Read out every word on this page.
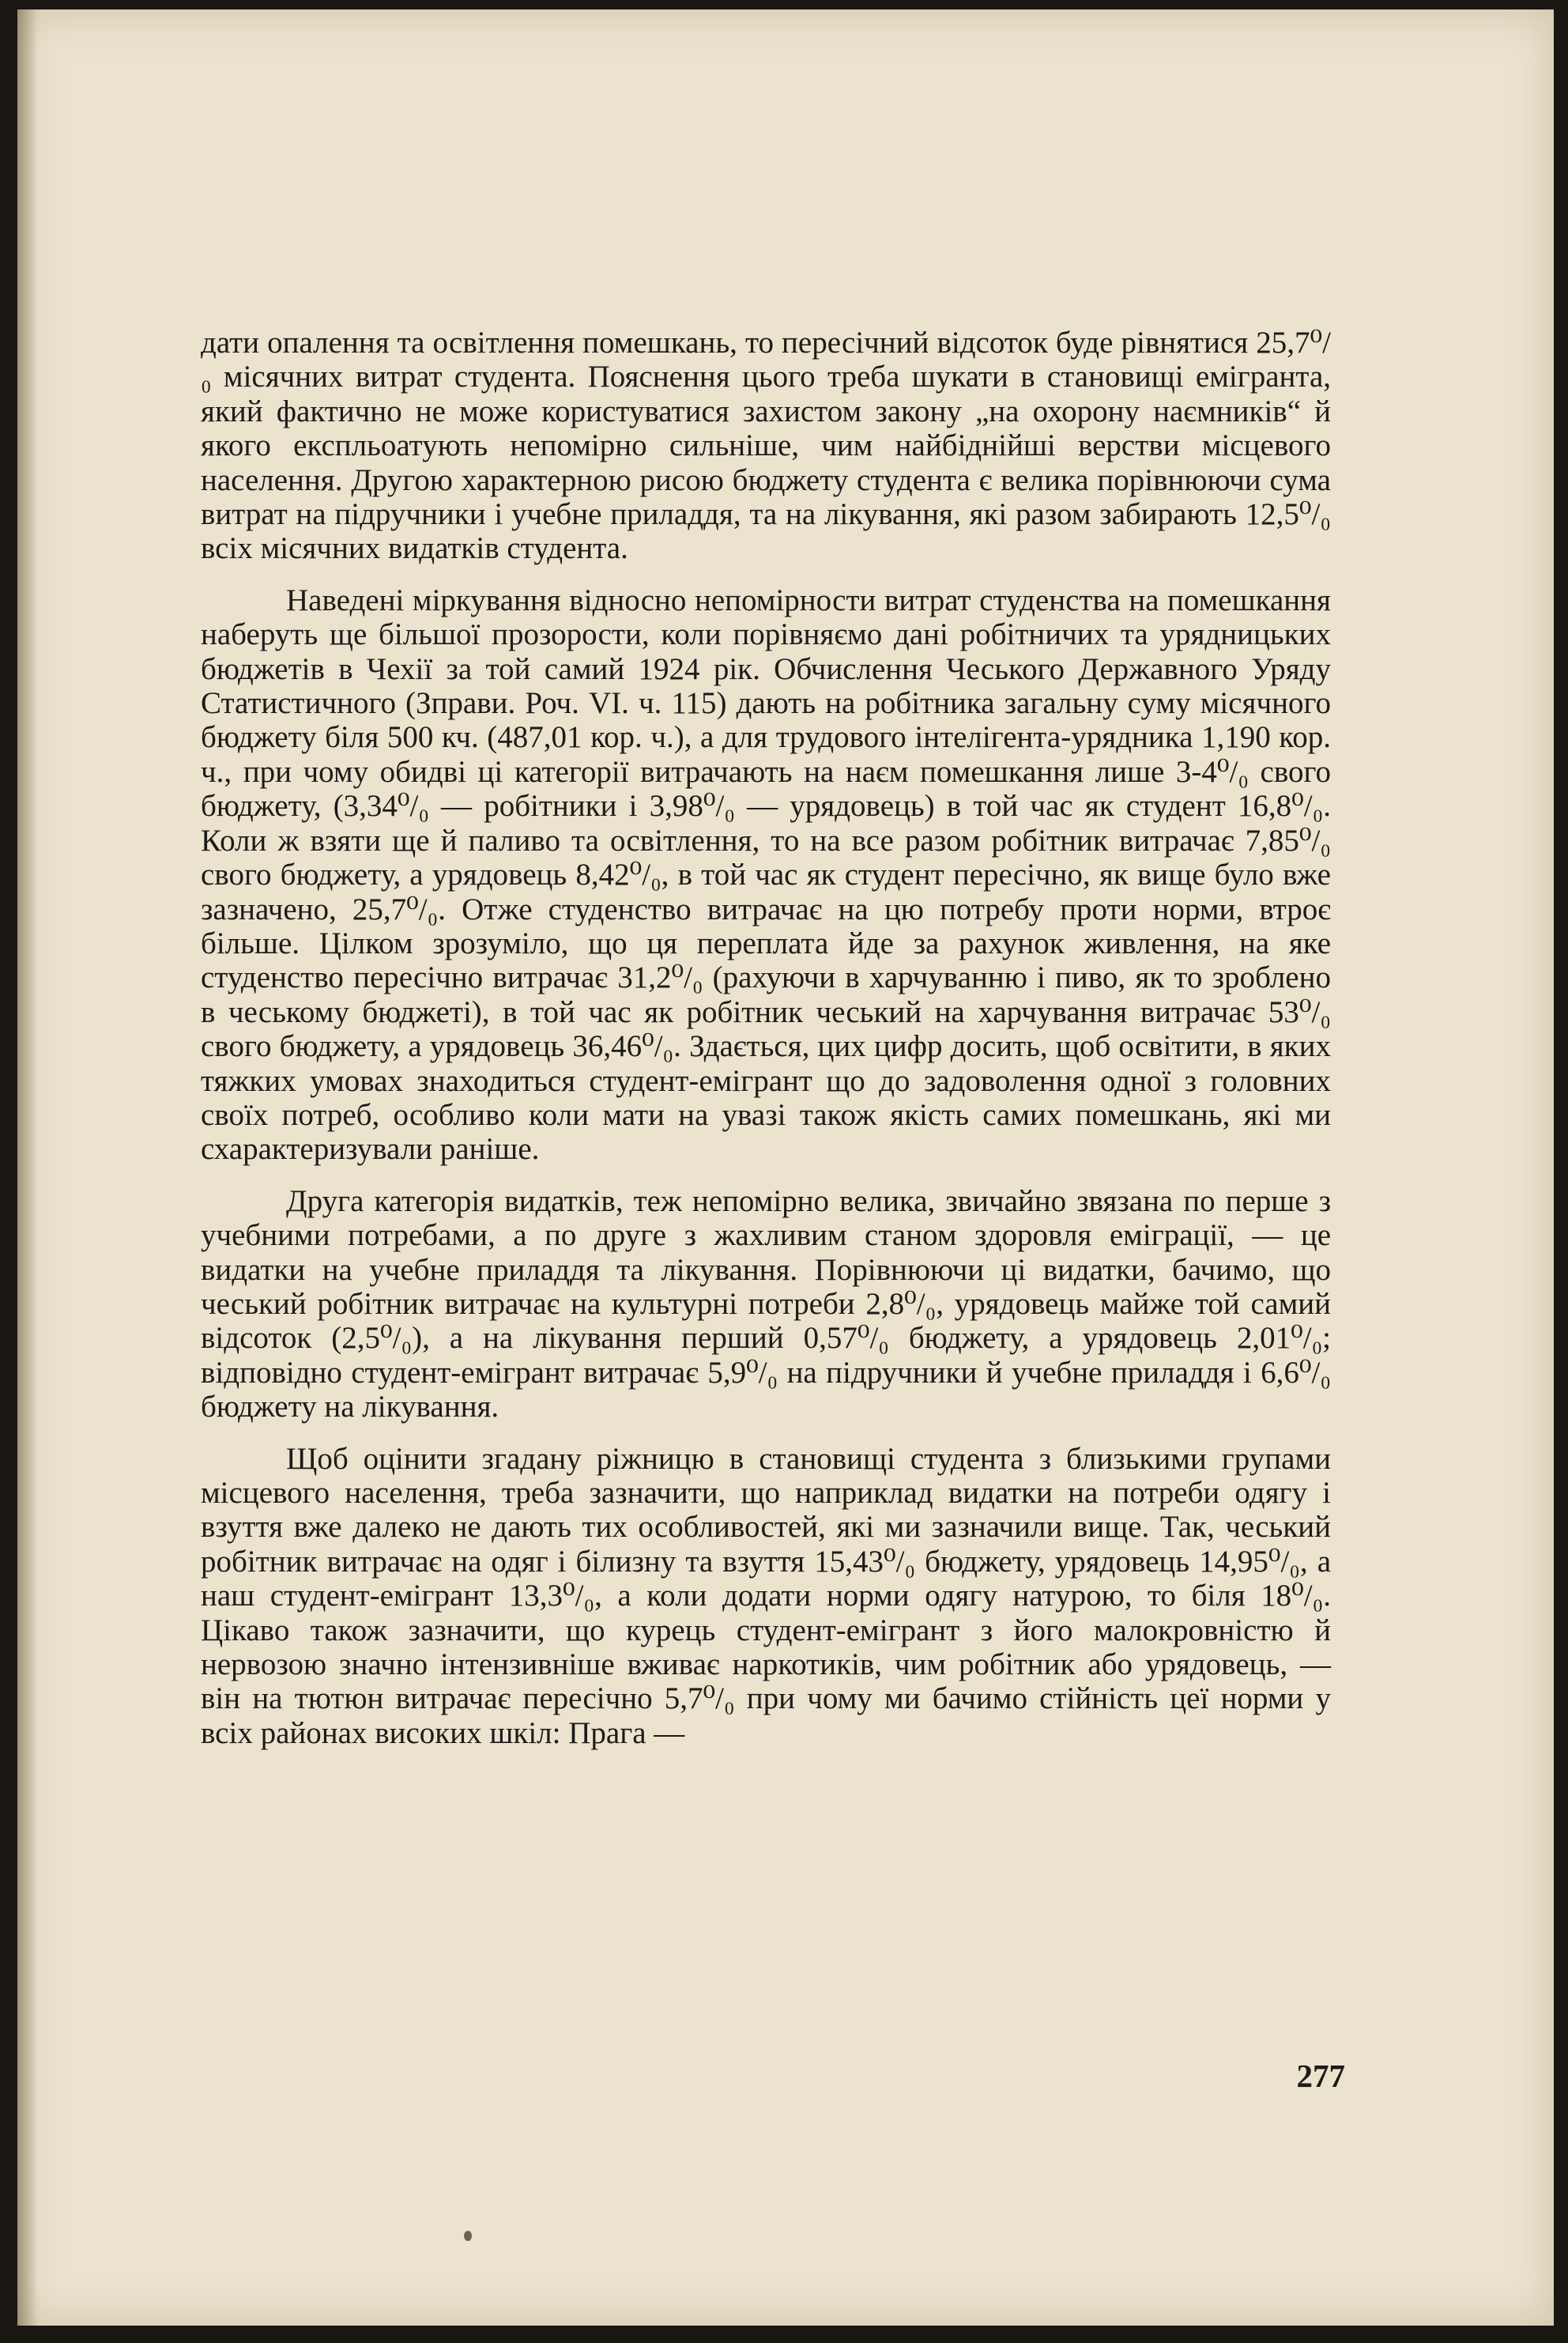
дати опалення та освітлення помешкань, то пересічний відсоток буде рівнятися 25,7⁰/₀ місячних витрат студента. Пояснення цього треба шукати в становищі емігранта, який фактично не може користуватися захистом закону „на охорону наємників“ й якого експльоатують непомірно сильніше, чим найбіднійші верстви місцевого населення. Другою характерною рисою бюджету студента є велика порівнюючи сума витрат на підручники і учебне приладдя, та на лікування, які разом забирають 12,5⁰/₀ всіх місячних видатків студента.

Наведені міркування відносно непомірности витрат студенства на помешкання наберуть ще більшої прозорости, коли порівняємо дані робітничих та урядницьких бюджетів в Чехії за той самий 1924 рік. Обчислення Чеського Державного Уряду Статистичного (Зправи. Роч. VI. ч. 115) дають на робітника загальну суму місячного бюджету біля 500 кч. (487,01 кор. ч.), а для трудового інтелігента-урядника 1,190 кор. ч., при чому обидві ці категорії витрачають на наєм помешкання лише 3-4⁰/₀ свого бюджету, (3,34⁰/₀ — робітники і 3,98⁰/₀ — урядовець) в той час як студент 16,8⁰/₀. Коли ж взяти ще й паливо та освітлення, то на все разом робітник витрачає 7,85⁰/₀ свого бюджету, а урядовець 8,42⁰/₀, в той час як студент пересічно, як вище було вже зазначено, 25,7⁰/₀. Отже студенство витрачає на цю потребу проти норми, втроє більше. Цілком зрозуміло, що ця переплата йде за рахунок живлення, на яке студенство пересічно витрачає 31,2⁰/₀ (рахуючи в харчуванню і пиво, як то зроблено в чеському бюджеті), в той час як робітник чеський на харчування витрачає 53⁰/₀ свого бюджету, а урядовець 36,46⁰/₀. Здається, цих цифр досить, щоб освітити, в яких тяжких умовах знаходиться студент-емігрант що до задоволення одної з головних своїх потреб, особливо коли мати на увазі також якість самих помешкань, які ми схарактеризували раніше.

Друга категорія видатків, теж непомірно велика, звичайно звязана по перше з учебними потребами, а по друге з жахливим станом здоровля еміграції, — це видатки на учебне приладдя та лікування. Порівнюючи ці видатки, бачимо, що чеський робітник витрачає на культурні потреби 2,8⁰/₀, урядовець майже той самий відсоток (2,5⁰/₀), а на лікування перший 0,57⁰/₀ бюджету, а урядовець 2,01⁰/₀; відповідно студент-емігрант витрачає 5,9⁰/₀ на підручники й учебне приладдя і 6,6⁰/₀ бюджету на лікування.

Щоб оцінити згадану ріжницю в становищі студента з близькими групами місцевого населення, треба зазначити, що наприклад видатки на потреби одягу і взуття вже далеко не дають тих особливостей, які ми зазначили вище. Так, чеський робітник витрачає на одяг і білизну та взуття 15,43⁰/₀ бюджету, урядовець 14,95⁰/₀, а наш студент-емігрант 13,3⁰/₀, а коли додати норми одягу натурою, то біля 18⁰/₀. Цікаво також зазначити, що курець студент-емігрант з його малокровністю й нервозою значно інтензивніше вживає наркотиків, чим робітник або урядовець, — він на тютюн витрачає пересічно 5,7⁰/₀ при чому ми бачимо стійність цеї норми у всіх районах високих шкіл: Прага —

277
